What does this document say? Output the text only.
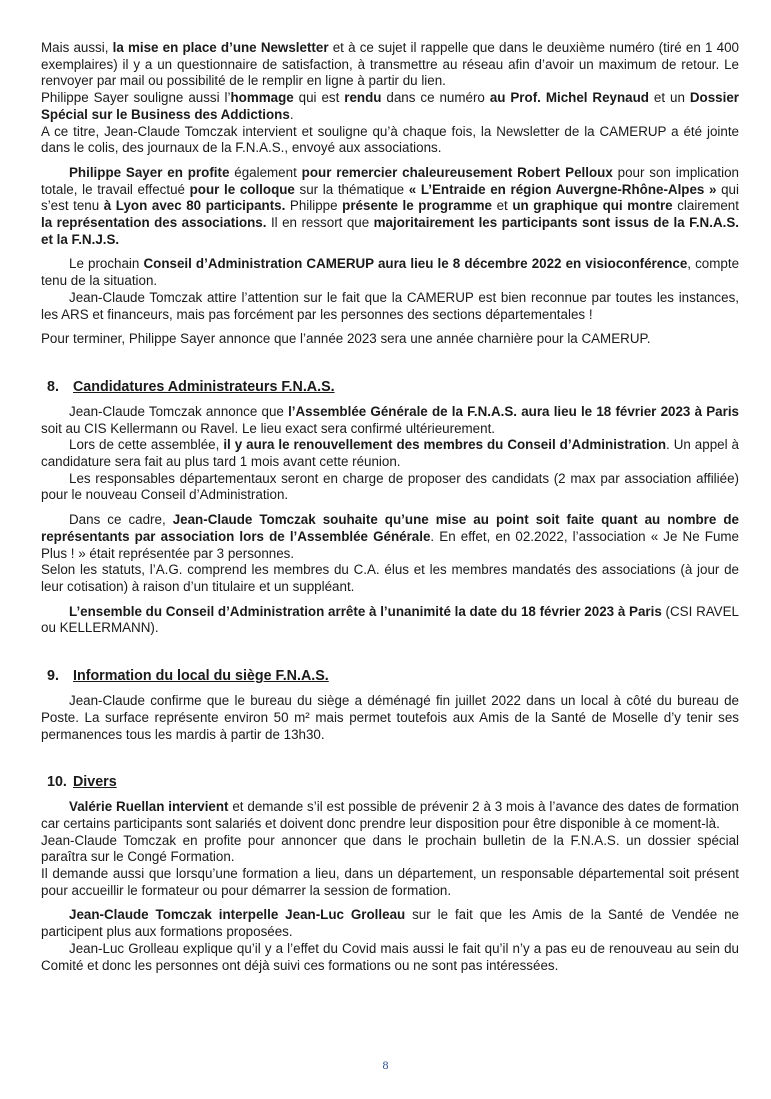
Mais aussi, la mise en place d’une Newsletter et à ce sujet il rappelle que dans le deuxième numéro (tiré en 1 400 exemplaires) il y a un questionnaire de satisfaction, à transmettre au réseau afin d’avoir un maximum de retour. Le renvoyer par mail ou possibilité de le remplir en ligne à partir du lien.

Philippe Sayer souligne aussi l’hommage qui est rendu dans ce numéro au Prof. Michel Reynaud et un Dossier Spécial sur le Business des Addictions.

A ce titre, Jean-Claude Tomczak intervient et souligne qu’à chaque fois, la Newsletter de la CAMERUP a été jointe dans le colis, des journaux de la F.N.A.S., envoyé aux associations.

Philippe Sayer en profite également pour remercier chaleureusement Robert Pelloux pour son implication totale, le travail effectué pour le colloque sur la thématique « L’Entraide en région Auvergne-Rhône-Alpes » qui s’est tenu à Lyon avec 80 participants. Philippe présente le programme et un graphique qui montre clairement la représentation des associations. Il en ressort que majoritairement les participants sont issus de la F.N.A.S. et la F.N.J.S.

Le prochain Conseil d’Administration CAMERUP aura lieu le 8 décembre 2022 en visioconférence, compte tenu de la situation.

Jean-Claude Tomczak attire l’attention sur le fait que la CAMERUP est bien reconnue par toutes les instances, les ARS et financeurs, mais pas forcément par les personnes des sections départementales !

Pour terminer, Philippe Sayer annonce que l’année 2023 sera une année charnière pour la CAMERUP.

8. Candidatures Administrateurs F.N.A.S.

Jean-Claude Tomczak annonce que l’Assemblée Générale de la F.N.A.S. aura lieu le 18 février 2023 à Paris soit au CIS Kellermann ou Ravel. Le lieu exact sera confirmé ultérieurement.

Lors de cette assemblée, il y aura le renouvellement des membres du Conseil d’Administration. Un appel à candidature sera fait au plus tard 1 mois avant cette réunion.

Les responsables départementaux seront en charge de proposer des candidats (2 max par association affiliée) pour le nouveau Conseil d’Administration.

Dans ce cadre, Jean-Claude Tomczak souhaite qu’une mise au point soit faite quant au nombre de représentants par association lors de l’Assemblée Générale. En effet, en 02.2022, l’association « Je Ne Fume Plus ! » était représentée par 3 personnes.

Selon les statuts, l’A.G. comprend les membres du C.A. élus et les membres mandatés des associations (à jour de leur cotisation) à raison d’un titulaire et un suppléant.

L’ensemble du Conseil d’Administration arrête à l’unanimité la date du 18 février 2023 à Paris (CSI RAVEL ou KELLERMANN).

9. Information du local du siège F.N.A.S.

Jean-Claude confirme que le bureau du siège a déménagé fin juillet 2022 dans un local à côté du bureau de Poste. La surface représente environ 50 m² mais permet toutefois aux Amis de la Santé de Moselle d’y tenir ses permanences tous les mardis à partir de 13h30.

10. Divers

Valérie Ruellan intervient et demande s’il est possible de prévenir 2 à 3 mois à l’avance des dates de formation car certains participants sont salariés et doivent donc prendre leur disposition pour être disponible à ce moment-là.

Jean-Claude Tomczak en profite pour annoncer que dans le prochain bulletin de la F.N.A.S. un dossier spécial paraîtra sur le Congé Formation.

Il demande aussi que lorsqu’une formation a lieu, dans un département, un responsable départemental soit présent pour accueillir le formateur ou pour démarrer la session de formation.

Jean-Claude Tomczak interpelle Jean-Luc Grolleau sur le fait que les Amis de la Santé de Vendée ne participent plus aux formations proposées.

Jean-Luc Grolleau explique qu’il y a l’effet du Covid mais aussi le fait qu’il n’y a pas eu de renouveau au sein du Comité et donc les personnes ont déjà suivi ces formations ou ne sont pas intéressées.

8
